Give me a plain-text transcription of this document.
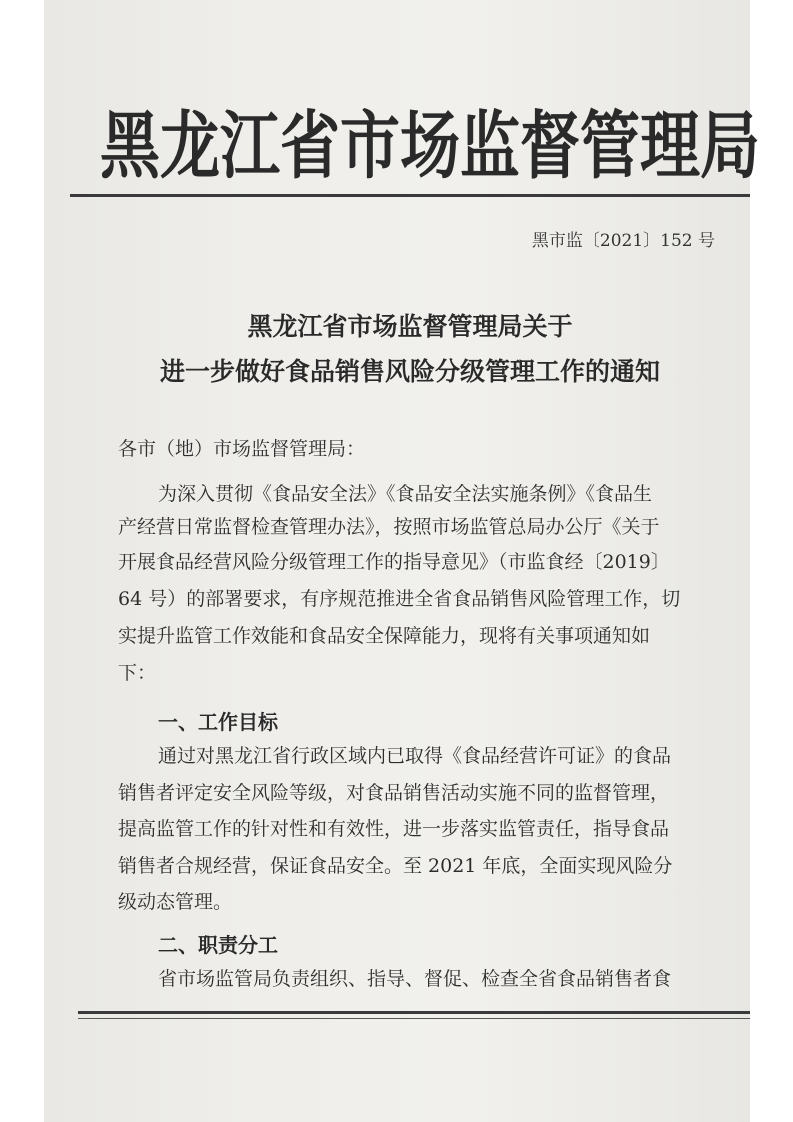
黑龙江省市场监督管理局
黑市监〔2021〕152 号
黑龙江省市场监督管理局关于
进一步做好食品销售风险分级管理工作的通知
各市（地）市场监督管理局：
为深入贯彻《食品安全法》《食品安全法实施条例》《食品生
产经营日常监督检查管理办法》，按照市场监管总局办公厅《关于
开展食品经营风险分级管理工作的指导意见》（市监食经〔2019〕
64 号）的部署要求，有序规范推进全省食品销售风险管理工作，切
实提升监管工作效能和食品安全保障能力，现将有关事项通知如
下：
一、工作目标
通过对黑龙江省行政区域内已取得《食品经营许可证》的食品
销售者评定安全风险等级，对食品销售活动实施不同的监督管理，
提高监管工作的针对性和有效性，进一步落实监管责任，指导食品
销售者合规经营，保证食品安全。至 2021 年底，全面实现风险分
级动态管理。
二、职责分工
省市场监管局负责组织、指导、督促、检查全省食品销售者食
